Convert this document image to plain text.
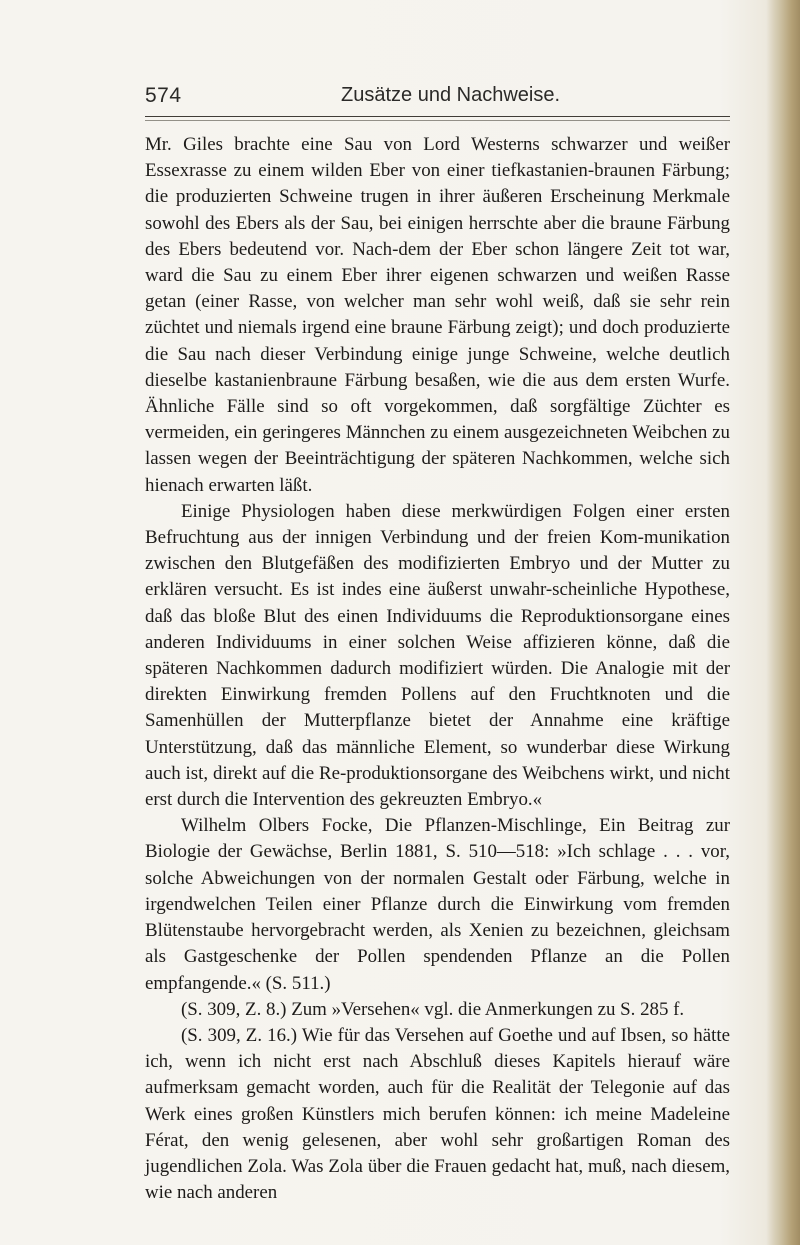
574	Zusätze und Nachweise.

Mr. Giles brachte eine Sau von Lord Westerns schwarzer und weißer Essexrasse zu einem wilden Eber von einer tiefkastanien-braunen Färbung; die produzierten Schweine trugen in ihrer äußeren Erscheinung Merkmale sowohl des Ebers als der Sau, bei einigen herrschte aber die braune Färbung des Ebers bedeutend vor. Nach-dem der Eber schon längere Zeit tot war, ward die Sau zu einem Eber ihrer eigenen schwarzen und weißen Rasse getan (einer Rasse, von welcher man sehr wohl weiß, daß sie sehr rein züchtet und niemals irgend eine braune Färbung zeigt); und doch produzierte die Sau nach dieser Verbindung einige junge Schweine, welche deutlich dieselbe kastanienbraune Färbung besaßen, wie die aus dem ersten Wurfe. Ähnliche Fälle sind so oft vorgekommen, daß sorgfältige Züchter es vermeiden, ein geringeres Männchen zu einem ausgezeichneten Weibchen zu lassen wegen der Beeinträchtigung der späteren Nachkommen, welche sich hienach erwarten läßt.

Einige Physiologen haben diese merkwürdigen Folgen einer ersten Befruchtung aus der innigen Verbindung und der freien Kom-munikation zwischen den Blutgefäßen des modifizierten Embryo und der Mutter zu erklären versucht. Es ist indes eine äußerst unwahr-scheinliche Hypothese, daß das bloße Blut des einen Individuums die Reproduktionsorgane eines anderen Individuums in einer solchen Weise affizieren könne, daß die späteren Nachkommen dadurch modifiziert würden. Die Analogie mit der direkten Einwirkung fremden Pollens auf den Fruchtknoten und die Samenhüllen der Mutterpflanze bietet der Annahme eine kräftige Unterstützung, daß das männliche Element, so wunderbar diese Wirkung auch ist, direkt auf die Re-produktionsorgane des Weibchens wirkt, und nicht erst durch die Intervention des gekreuzten Embryo.«

Wilhelm Olbers Focke, Die Pflanzen-Mischlinge, Ein Beitrag zur Biologie der Gewächse, Berlin 1881, S. 510—518: »Ich schlage . . . vor, solche Abweichungen von der normalen Gestalt oder Färbung, welche in irgendwelchen Teilen einer Pflanze durch die Einwirkung vom fremden Blütenstaube hervorgebracht werden, als Xenien zu bezeichnen, gleichsam als Gastgeschenke der Pollen spendenden Pflanze an die Pollen empfangende.« (S. 511.)

(S. 309, Z. 8.) Zum »Versehen« vgl. die Anmerkungen zu S. 285 f.

(S. 309, Z. 16.) Wie für das Versehen auf Goethe und auf Ibsen, so hätte ich, wenn ich nicht erst nach Abschluß dieses Kapitels hierauf wäre aufmerksam gemacht worden, auch für die Realität der Telegonie auf das Werk eines großen Künstlers mich berufen können: ich meine Madeleine Férat, den wenig gelesenen, aber wohl sehr großartigen Roman des jugendlichen Zola. Was Zola über die Frauen gedacht hat, muß, nach diesem, wie nach anderen
